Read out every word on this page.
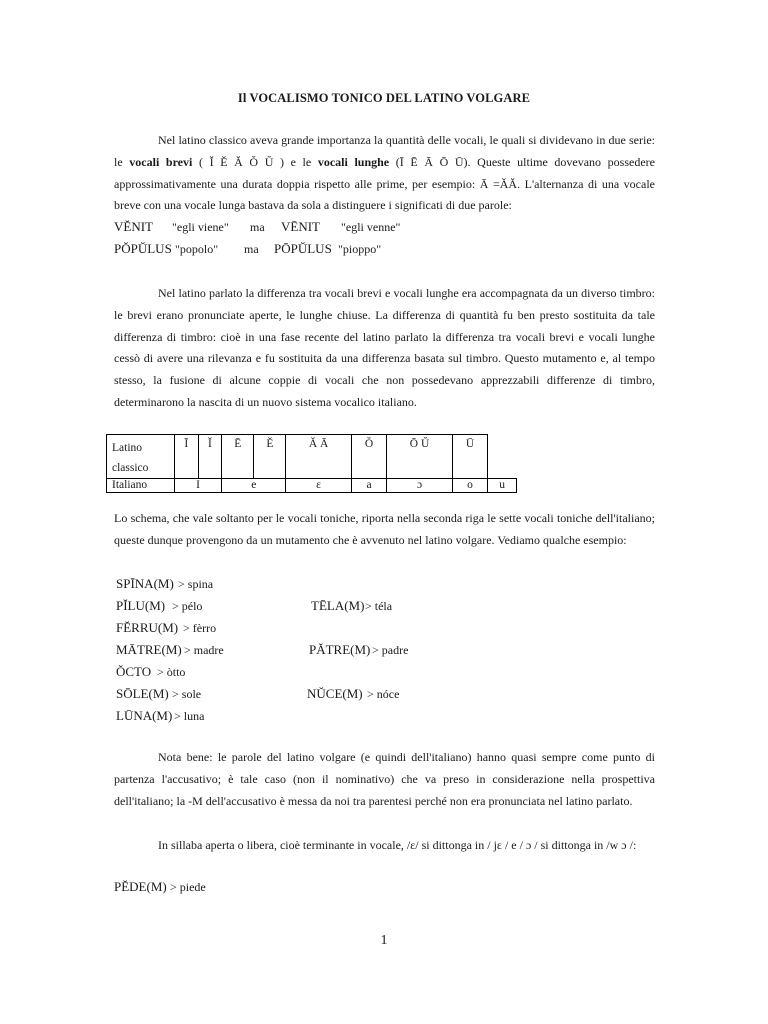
Il VOCALISMO TONICO DEL LATINO VOLGARE

Nel latino classico aveva grande importanza la quantità delle vocali, le quali si dividevano in due serie: le vocali brevi ( Ĭ Ĕ Ă Ŏ Ŭ ) e le vocali lunghe (Ī Ē Ā Ō Ū). Queste ultime dovevano possedere approssimativamente una durata doppia rispetto alle prime, per esempio: Ā =ĂĂ. L'alternanza di una vocale breve con una vocale lunga bastava da sola a distinguere i significati di due parole:

VĔNIT "egli viene" ma VĒNIT "egli venne"
PŎPŬLUS "popolo" ma PŌPŬLUS "pioppo"

Nel latino parlato la differenza tra vocali brevi e vocali lunghe era accompagnata da un diverso timbro: le brevi erano pronunciate aperte, le lunghe chiuse. La differenza di quantità fu ben presto sostituita da tale differenza di timbro: cioè in una fase recente del latino parlato la differenza tra vocali brevi e vocali lunghe cessò di avere una rilevanza e fu sostituita da una differenza basata sul timbro. Questo mutamento e, al tempo stesso, la fusione di alcune coppie di vocali che non possedevano apprezzabili differenze di timbro, determinarono la nascita di un nuovo sistema vocalico italiano.

Latino classico	Ī	Ĭ	Ē	Ĕ	Ă Ā	Ŏ	Ō Ŭ	Ū	
Italiano	I		e		ɛ	a	ɔ	o	u

Lo schema, che vale soltanto per le vocali toniche, riporta nella seconda riga le sette vocali toniche dell'italiano; queste dunque provengono da un mutamento che è avvenuto nel latino volgare. Vediamo qualche esempio:

SPĪNA(M) > spina
PĬLU(M) > pélo	TĒLA(M) > téla
FĔRRU(M) > fèrro
MĀTRE(M) > madre	PĂTRE(M) > padre
ŎCTO > òtto
SŌLE(M) > sole	NŬCE(M) > nóce
LŪNA(M) > luna

Nota bene: le parole del latino volgare (e quindi dell'italiano) hanno quasi sempre come punto di partenza l'accusativo; è tale caso (non il nominativo) che va preso in considerazione nella prospettiva dell'italiano; la -M dell'accusativo è messa da noi tra parentesi perché non era pronunciata nel latino parlato.

In sillaba aperta o libera, cioè terminante in vocale, /ɛ/ si dittonga in / jɛ / e / ɔ / si dittonga in /w ɔ /:

PĔDE(M) > piede
1
